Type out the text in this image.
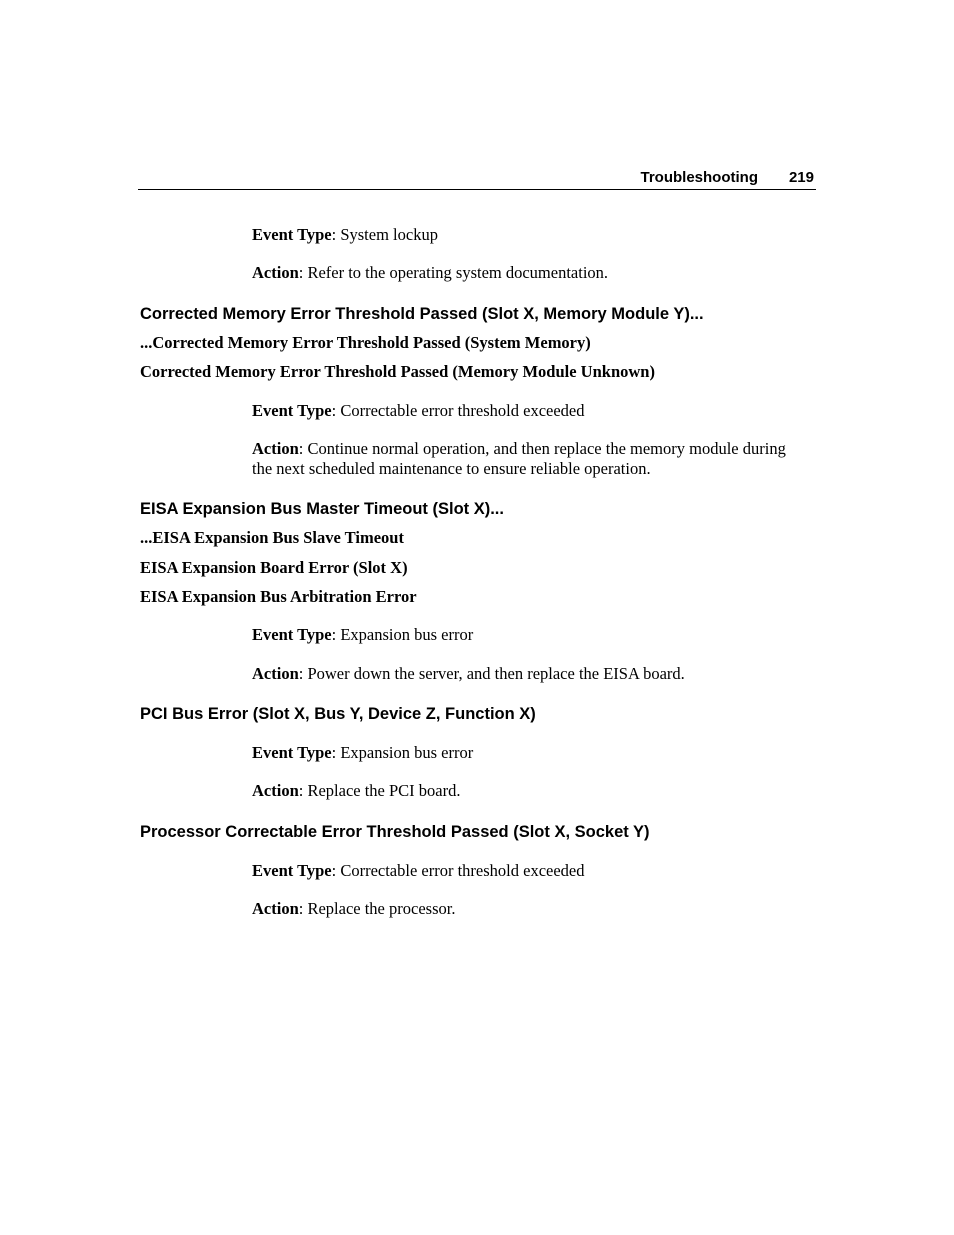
Troubleshooting 219
Event Type: System lockup
Action: Refer to the operating system documentation.
Corrected Memory Error Threshold Passed (Slot X, Memory Module Y)...
...Corrected Memory Error Threshold Passed (System Memory)
Corrected Memory Error Threshold Passed (Memory Module Unknown)
Event Type: Correctable error threshold exceeded
Action: Continue normal operation, and then replace the memory module during
the next scheduled maintenance to ensure reliable operation.
EISA Expansion Bus Master Timeout (Slot X)...
...EISA Expansion Bus Slave Timeout
EISA Expansion Board Error (Slot X)
EISA Expansion Bus Arbitration Error
Event Type: Expansion bus error
Action: Power down the server, and then replace the EISA board.
PCI Bus Error (Slot X, Bus Y, Device Z, Function X)
Event Type: Expansion bus error
Action: Replace the PCI board.
Processor Correctable Error Threshold Passed (Slot X, Socket Y)
Event Type: Correctable error threshold exceeded
Action: Replace the processor.
